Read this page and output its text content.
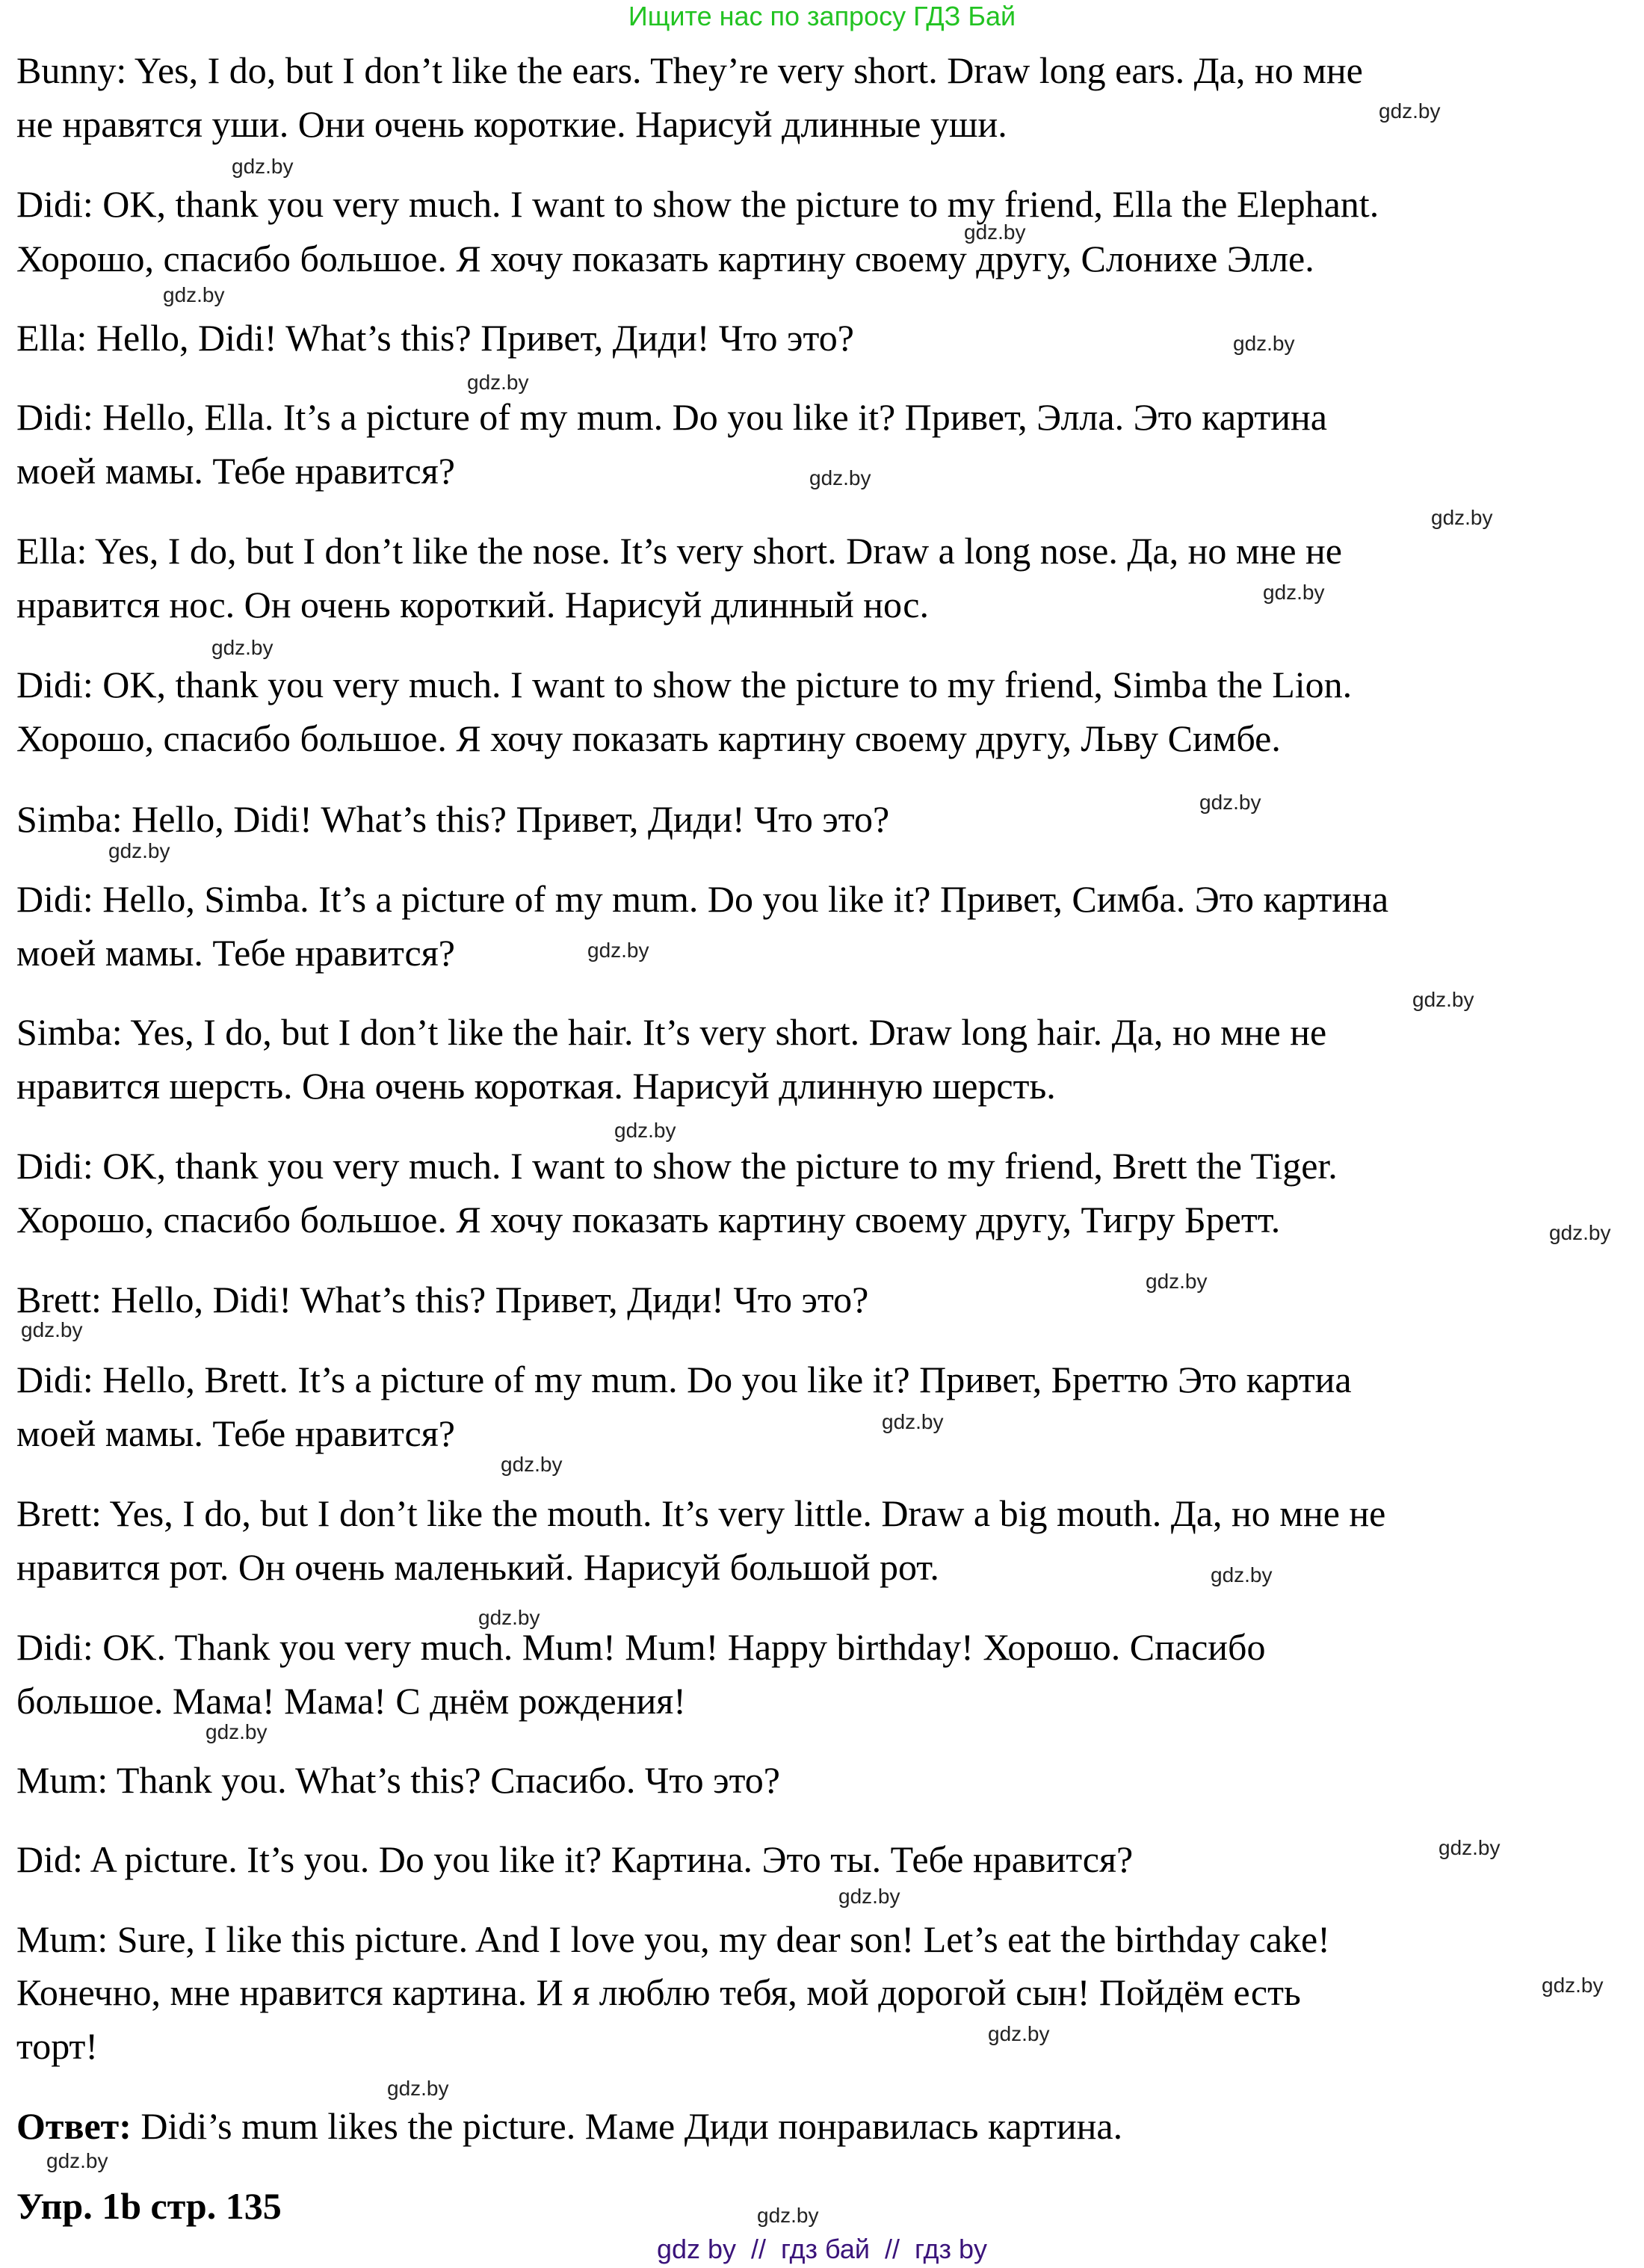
Ищите нас по запросу ГДЗ Бай
Bunny: Yes, I do, but I don’t like the ears. They’re very short. Draw long ears. Да, но мне
не нравятся уши. Они очень короткие. Нарисуй длинные уши.
Didi: OK, thank you very much. I want to show the picture to my friend, Ella the Elephant.
Хорошо, спасибо большое. Я хочу показать картину своему другу, Слонихе Элле.
Ella: Hello, Didi! What’s this? Привет, Диди! Что это?
Didi: Hello, Ella. It’s a picture of my mum. Do you like it? Привет, Элла. Это картина
моей мамы. Тебе нравится?
Ella: Yes, I do, but I don’t like the nose. It’s very short. Draw a long nose. Да, но мне не
нравится нос. Он очень короткий. Нарисуй длинный нос.
Didi: OK, thank you very much. I want to show the picture to my friend, Simba the Lion.
Хорошо, спасибо большое. Я хочу показать картину своему другу, Льву Симбе.
Simba: Hello, Didi! What’s this? Привет, Диди! Что это?
Didi: Hello, Simba. It’s a picture of my mum. Do you like it? Привет, Симба. Это картина
моей мамы. Тебе нравится?
Simba: Yes, I do, but I don’t like the hair. It’s very short. Draw long hair. Да, но мне не
нравится шерсть. Она очень короткая. Нарисуй длинную шерсть.
Didi: OK, thank you very much. I want to show the picture to my friend, Brett the Tiger.
Хорошо, спасибо большое. Я хочу показать картину своему другу, Тигру Бретт.
Brett: Hello, Didi! What’s this? Привет, Диди! Что это?
Didi: Hello, Brett. It’s a picture of my mum. Do you like it? Привет, Бреттю Это картиа
моей мамы. Тебе нравится?
Brett: Yes, I do, but I don’t like the mouth. It’s very little. Draw a big mouth. Да, но мне не
нравится рот. Он очень маленький. Нарисуй большой рот.
Didi: OK. Thank you very much. Mum! Mum! Happy birthday! Хорошо. Спасибо
большое. Мама! Мама! С днём рождения!
Mum: Thank you. What’s this? Спасибо. Что это?
Did: A picture. It’s you. Do you like it? Картина. Это ты. Тебе нравится?
Mum: Sure, I like this picture. And I love you, my dear son! Let’s eat the birthday cake!
Конечно, мне нравится картина. И я люблю тебя, мой дорогой сын! Пойдём есть
торт!
Ответ: Didi’s mum likes the picture. Маме Диди понравилась картина.
Упр. 1b стр. 135
gdz.by
gdz.by
gdz.by
gdz.by
gdz.by
gdz.by
gdz.by
gdz.by
gdz.by
gdz.by
gdz.by
gdz.by
gdz.by
gdz.by
gdz.by
gdz.by
gdz.by
gdz.by
gdz.by
gdz.by
gdz.by
gdz.by
gdz.by
gdz.by
gdz.by
gdz.by
gdz.by
gdz.by
gdz.by
gdz.by
gdz by  //  гдз бай  //  гдз by
